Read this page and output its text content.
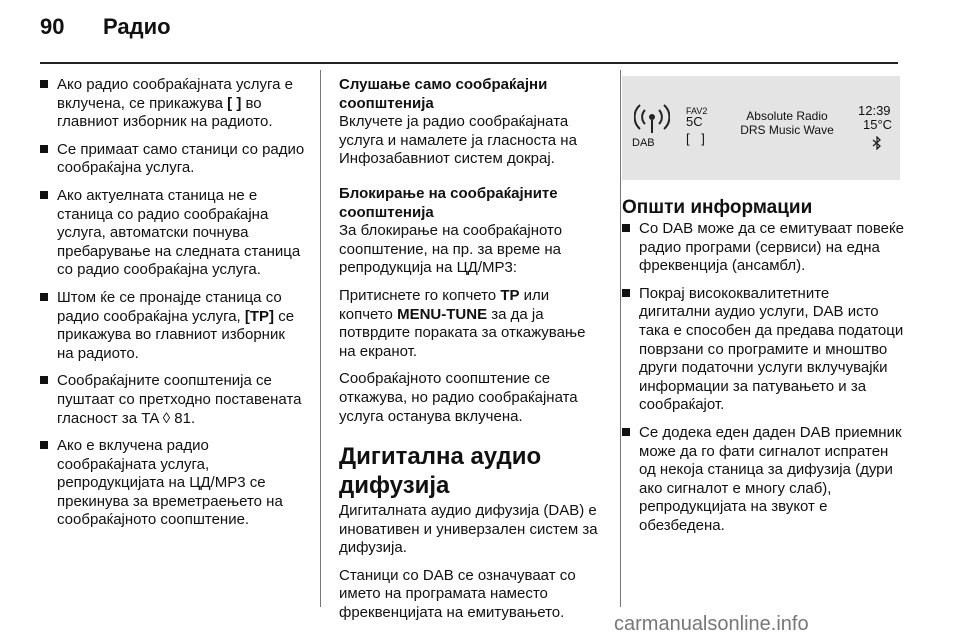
90 Радио
Ако радио сообраќајната услуга е вклучена, се прикажува [ ] во главниот изборник на радиото.
Се примаат само станици со радио сообраќајна услуга.
Ако актуелната станица не е станица со радио сообраќајна услуга, автоматски почнува пребарување на следната станица со радио сообраќајна услуга.
Штом ќе се пронајде станица со радио сообраќајна услуга, [TP] се прикажува во главниот изборник на радиото.
Сообраќајните соопштенија се пуштаат со претходно поставената гласност за TA ◊ 81.
Ако е вклучена радио сообраќајната услуга, репродукцијата на ЦД/MP3 се прекинува за времетраењето на сообраќајното соопштение.

Слушање само сообраќајни соопштенија

Вклучете ја радио сообраќајната услуга и намалете ја гласноста на Инфозабавниот систем докрај.

Блокирање на сообраќајните соопштенија

За блокирање на сообраќајното соопштение, на пр. за време на репродукција на ЦД/MP3:

Притиснете го копчето TP или копчето MENU-TUNE за да ја потврдите пораката за откажување на екранот.

Сообраќајното соопштение се откажува, но радио сообраќајната услуга останува вклучена.

Дигитална аудио дифузија

Дигиталната аудио дифузија (DAB) е иновативен и универзален систем за дифузија.

Станици со DAB се означуваат со името на програмата наместо фреквенцијата на емитувањето.

DAB
FAV2
5C
[ ]
Absolute Radio
DRS Music Wave
12:39
15°C
Општи информации
Со DAB може да се емитуваат повеќе радио програми (сервиси) на една фреквенција (ансамбл).
Покрај висококвалитетните дигитални аудио услуги, DAB исто така е способен да предава податоци поврзани со програмите и мноштво други податочни услуги вклучувајќи информации за патувањето и за сообраќајот.
Се додека еден даден DAB приемник може да го фати сигналот испратен од некоја станица за дифузија (дури ако сигналот е многу слаб), репродукцијата на звукот е обезбедена.
carmanualsonline.info
